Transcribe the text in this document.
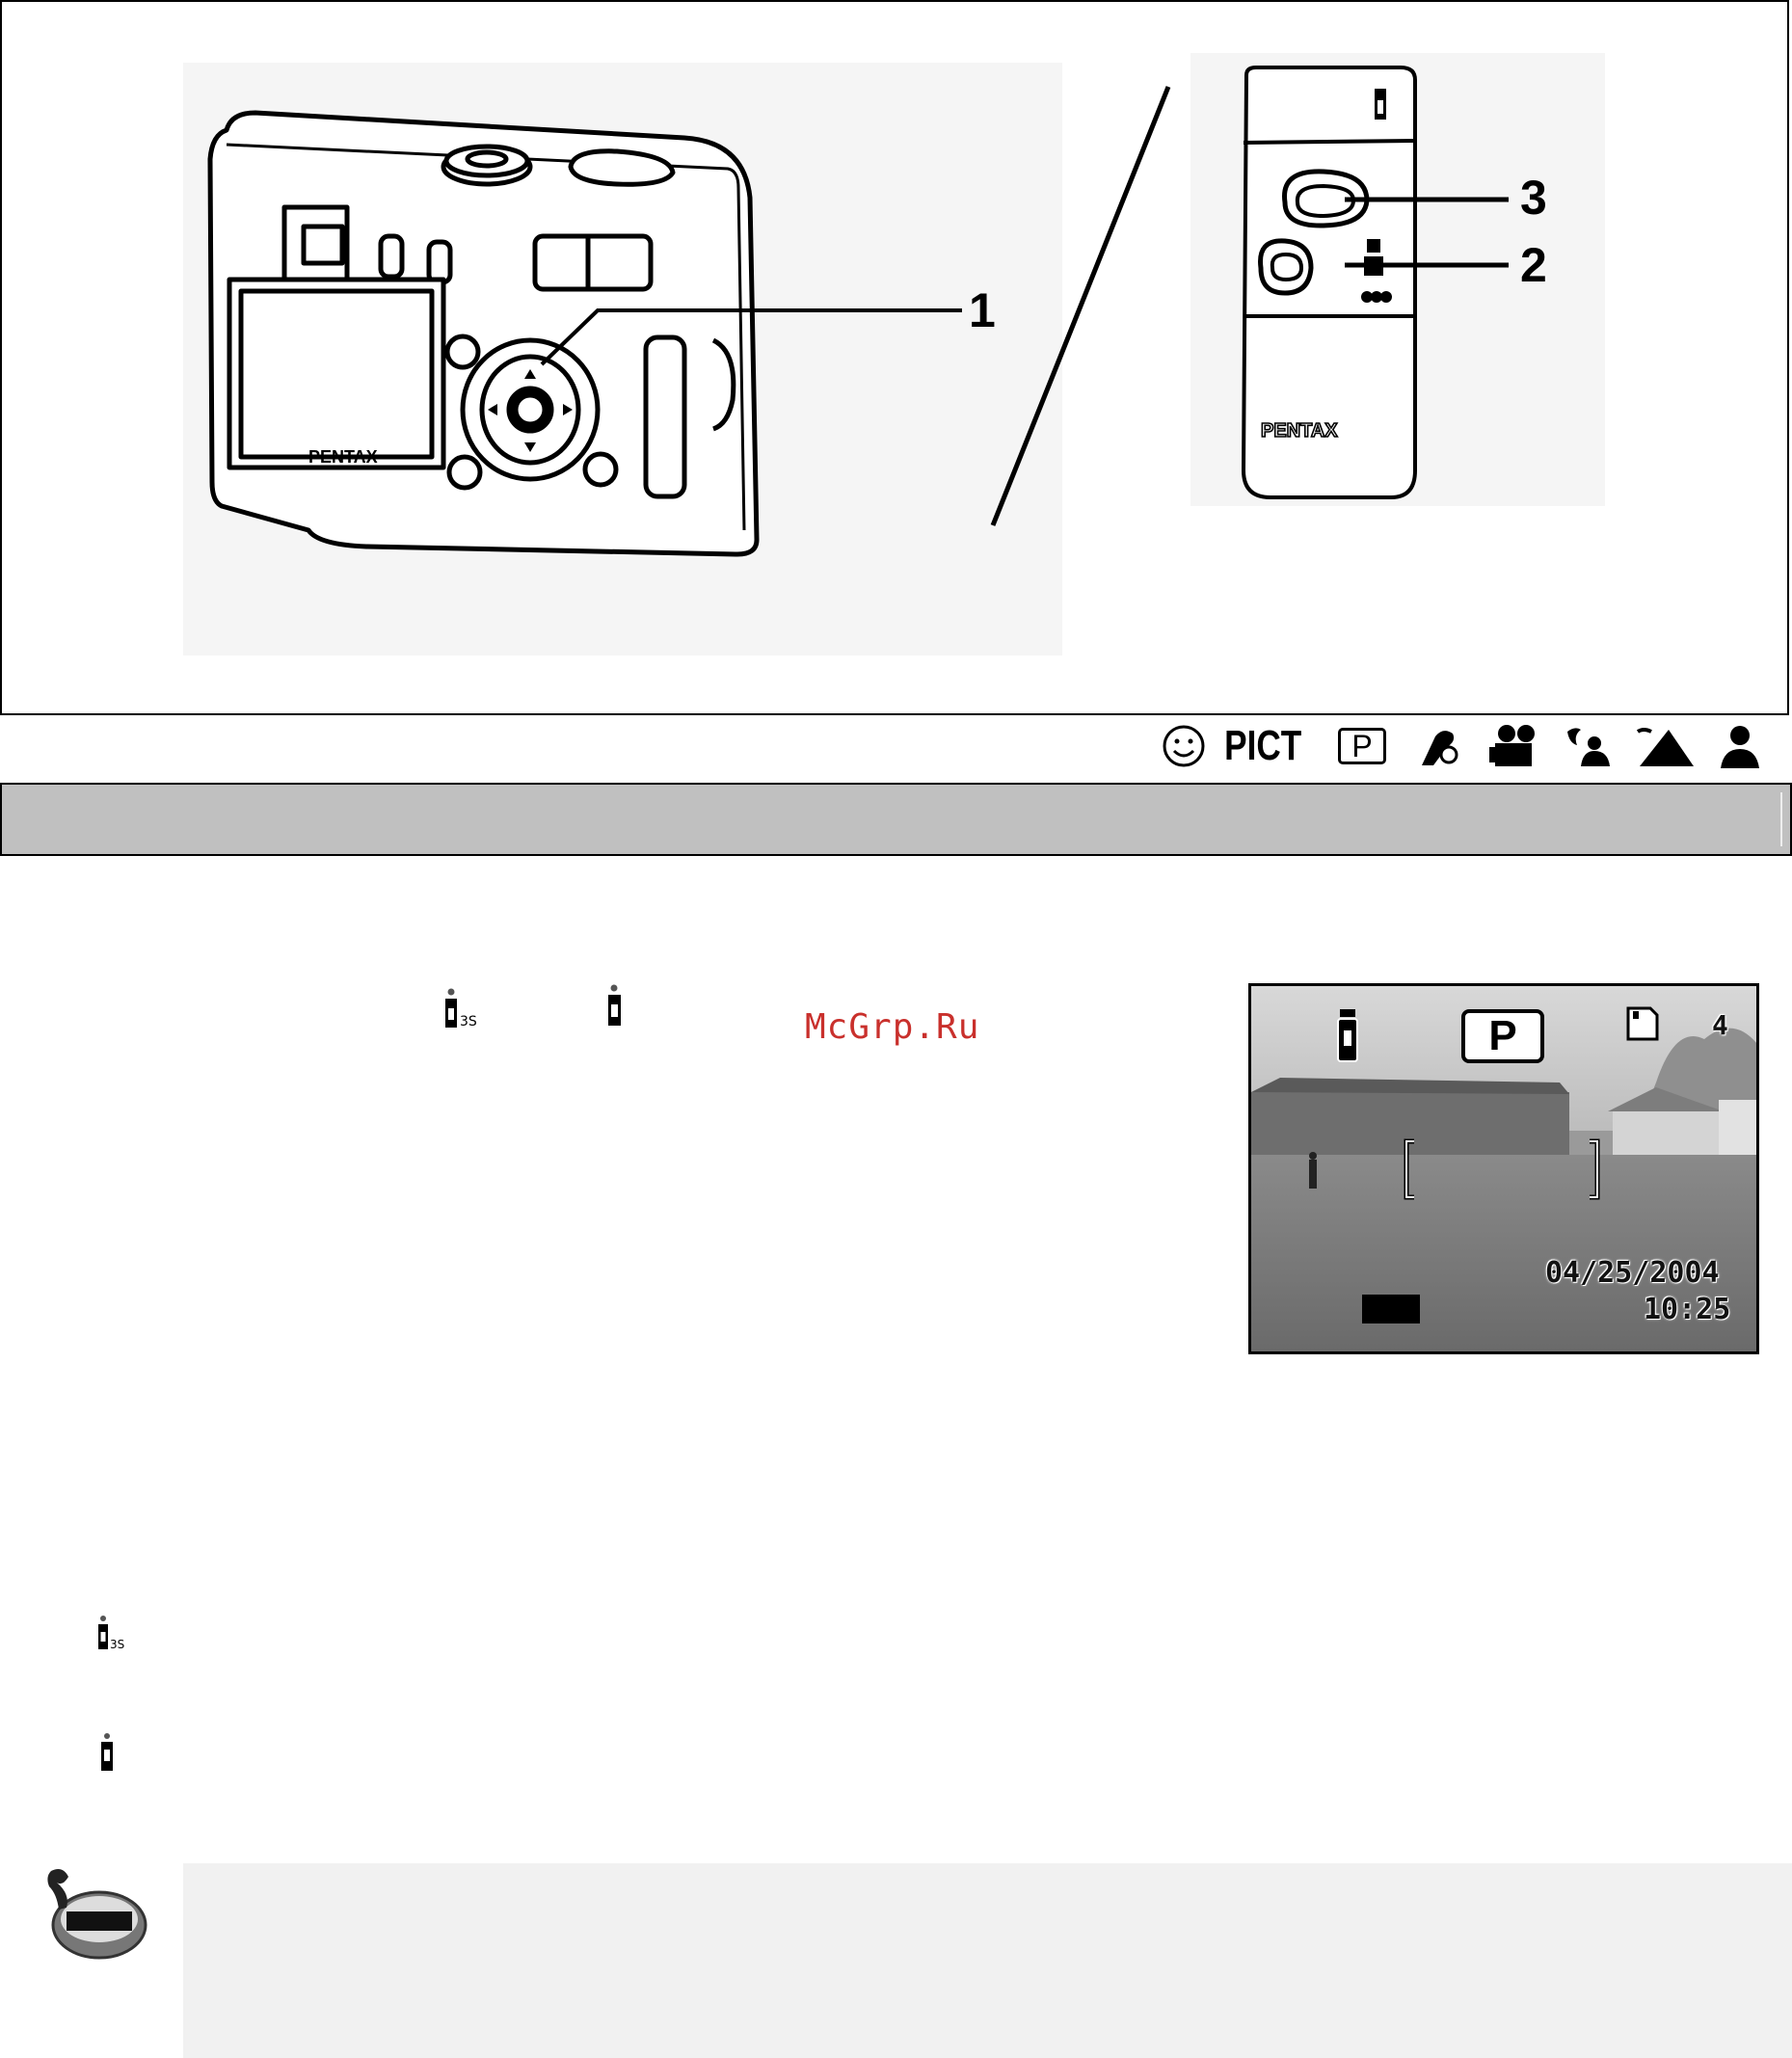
PENTAX
1
PENTAX
3
2
PICT	P
3S	McGrp.Ru	P	4
04/25/2004
10:25
3S
